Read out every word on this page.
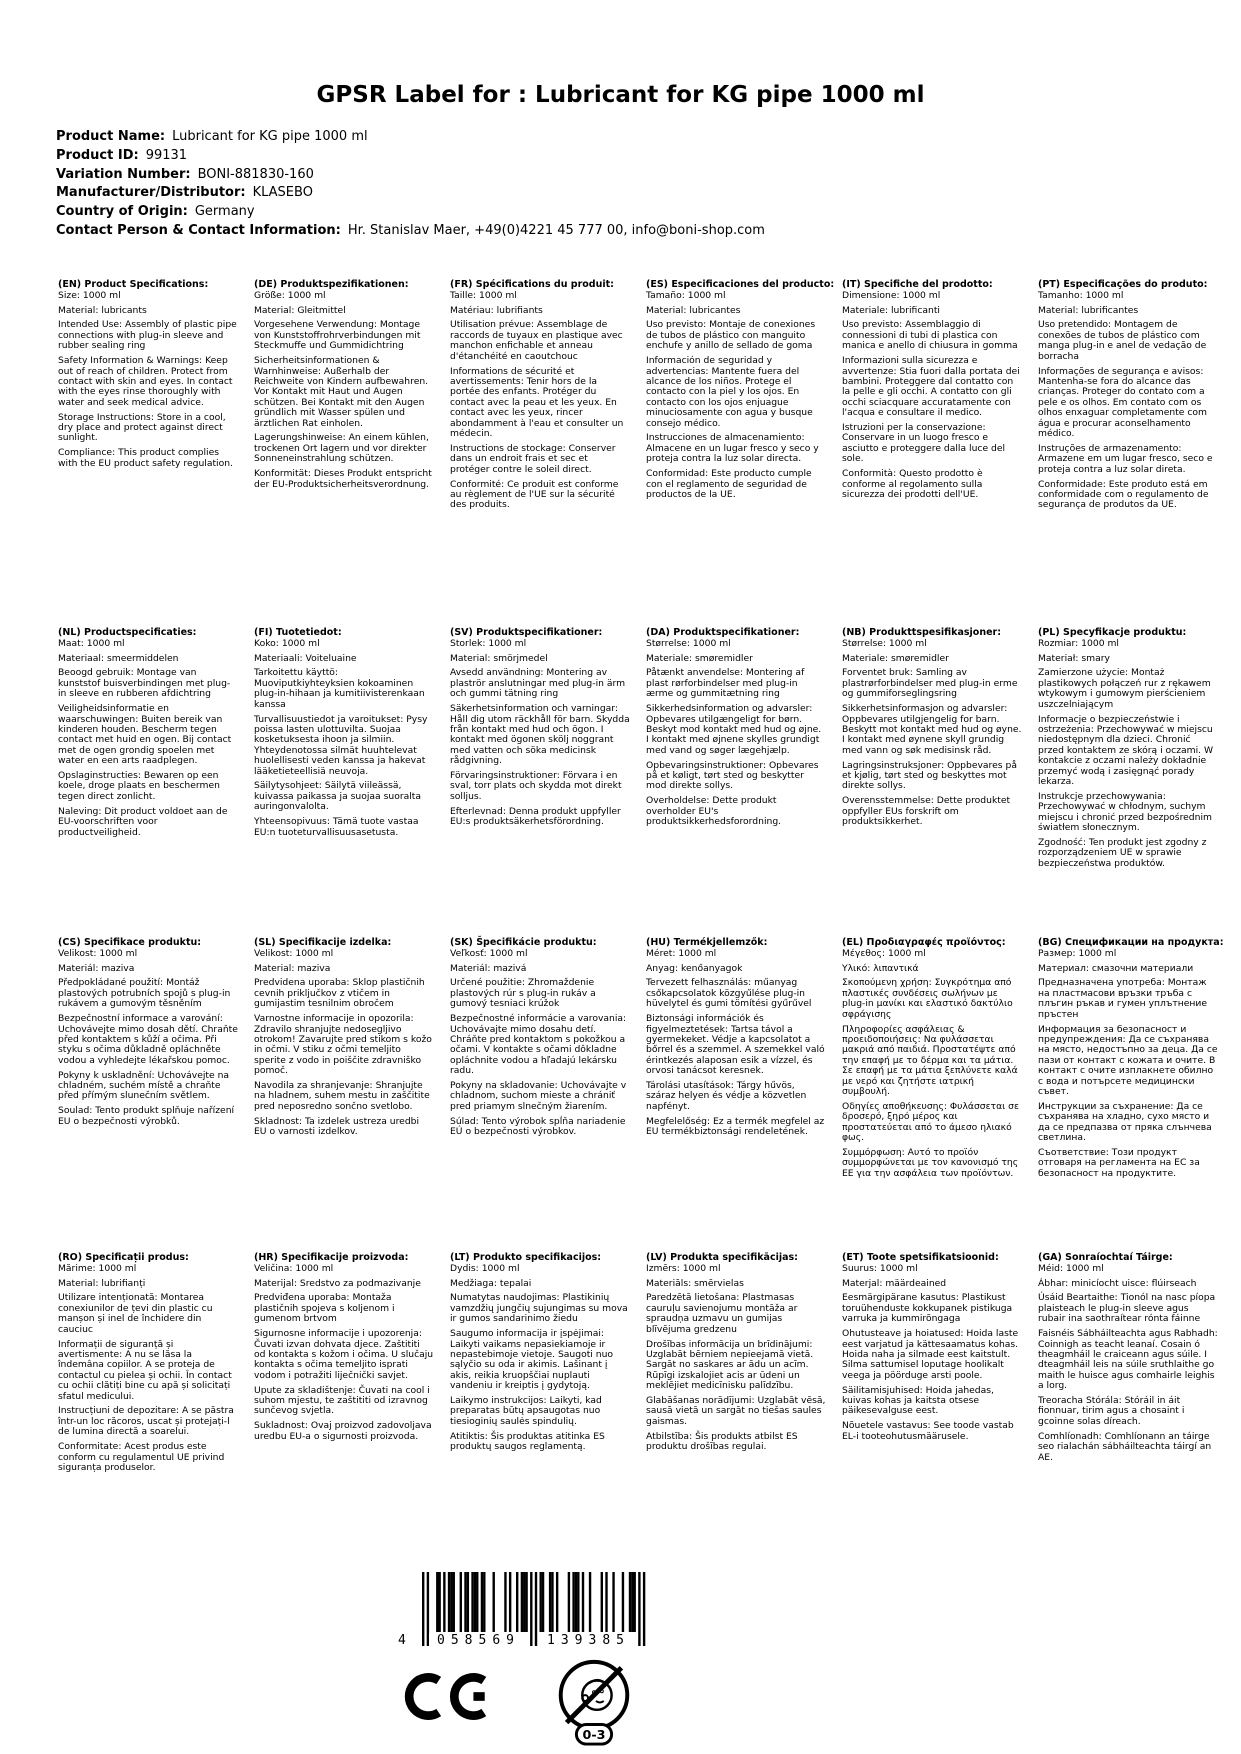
GPSR Label for : Lubricant for KG pipe 1000 ml
Product Name: Lubricant for KG pipe 1000 ml
Product ID: 99131
Variation Number: BONI-881830-160
Manufacturer/Distributor: KLASEBO
Country of Origin: Germany
Contact Person & Contact Information: Hr. Stanislav Maer, +49(0)4221 45 777 00, info@boni-shop.com
(EN) Product Specifications:
Size: 1000 ml
Material: lubricants
Intended Use: Assembly of plastic pipe connections with plug-in sleeve and rubber sealing ring
Safety Information & Warnings: Keep out of reach of children. Protect from contact with skin and eyes. In contact with the eyes rinse thoroughly with water and seek medical advice.
Storage Instructions: Store in a cool, dry place and protect against direct sunlight.
Compliance: This product complies with the EU product safety regulation.
(DE) Produktspezifikationen:
Größe: 1000 ml
Material: Gleitmittel
Vorgesehene Verwendung: Montage von Kunststoffrohrverbindungen mit Steckmuffe und Gummidichtring
Sicherheitsinformationen & Warnhinweise: Außerhalb der Reichweite von Kindern aufbewahren. Vor Kontakt mit Haut und Augen schützen. Bei Kontakt mit den Augen gründlich mit Wasser spülen und ärztlichen Rat einholen.
Lagerungshinweise: An einem kühlen, trockenen Ort lagern und vor direkter Sonneneinstrahlung schützen.
Konformität: Dieses Produkt entspricht der EU-Produktsicherheitsverordnung.
(FR) Spécifications du produit:
Taille: 1000 ml
Matériau: lubrifiants
Utilisation prévue: Assemblage de raccords de tuyaux en plastique avec manchon enfichable et anneau d'étanchéité en caoutchouc
Informations de sécurité et avertissements: Tenir hors de la portée des enfants. Protéger du contact avec la peau et les yeux. En contact avec les yeux, rincer abondamment à l'eau et consulter un médecin.
Instructions de stockage: Conserver dans un endroit frais et sec et protéger contre le soleil direct.
Conformité: Ce produit est conforme au règlement de l'UE sur la sécurité des produits.
(ES) Especificaciones del producto:
Tamaño: 1000 ml
Material: lubricantes
Uso previsto: Montaje de conexiones de tubos de plástico con manguito enchufe y anillo de sellado de goma
Información de seguridad y advertencias: Mantente fuera del alcance de los niños. Protege el contacto con la piel y los ojos. En contacto con los ojos enjuague minuciosamente con agua y busque consejo médico.
Instrucciones de almacenamiento: Almacene en un lugar fresco y seco y proteja contra la luz solar directa.
Conformidad: Este producto cumple con el reglamento de seguridad de productos de la UE.
(IT) Specifiche del prodotto:
Dimensione: 1000 ml
Materiale: lubrificanti
Uso previsto: Assemblaggio di connessioni di tubi di plastica con manica e anello di chiusura in gomma
Informazioni sulla sicurezza e avvertenze: Stia fuori dalla portata dei bambini. Proteggere dal contatto con la pelle e gli occhi. A contatto con gli occhi sciacquare accuratamente con l'acqua e consultare il medico.
Istruzioni per la conservazione: Conservare in un luogo fresco e asciutto e proteggere dalla luce del sole.
Conformità: Questo prodotto è conforme al regolamento sulla sicurezza dei prodotti dell'UE.
(PT) Especificações do produto:
Tamanho: 1000 ml
Material: lubrificantes
Uso pretendido: Montagem de conexões de tubos de plástico com manga plug-in e anel de vedação de borracha
Informações de segurança e avisos: Mantenha-se fora do alcance das crianças. Proteger do contato com a pele e os olhos. Em contato com os olhos enxaguar completamente com água e procurar aconselhamento médico.
Instruções de armazenamento: Armazene em um lugar fresco, seco e proteja contra a luz solar direta.
Conformidade: Este produto está em conformidade com o regulamento de segurança de produtos da UE.
(NL) Productspecificaties:
Maat: 1000 ml
Materiaal: smeermiddelen
Beoogd gebruik: Montage van kunststof buisverbindingen met plug-in sleeve en rubberen afdichtring
Veiligheidsinformatie en waarschuwingen: Buiten bereik van kinderen houden. Bescherm tegen contact met huid en ogen. Bij contact met de ogen grondig spoelen met water en een arts raadplegen.
Opslaginstructies: Bewaren op een koele, droge plaats en beschermen tegen direct zonlicht.
Naleving: Dit product voldoet aan de EU-voorschriften voor productveiligheid.
(FI) Tuotetiedot:
Koko: 1000 ml
Materiaali: Voiteluaine
Tarkoitettu käyttö: Muoviputkiyhteyksien kokoaminen plug-in-hihaan ja kumitiivisterenkaan kanssa
Turvallisuustiedot ja varoitukset: Pysy poissa lasten ulottuvilta. Suojaa kosketuksesta ihoon ja silmiin. Yhteydenotossa silmät huuhtelevat huolellisesti veden kanssa ja hakevat lääketieteellisiä neuvoja.
Säilytysohjeet: Säilytä viileässä, kuivassa paikassa ja suojaa suoralta auringonvalolta.
Yhteensopivuus: Tämä tuote vastaa EU:n tuoteturvallisuusasetusta.
(SV) Produktspecifikationer:
Storlek: 1000 ml
Material: smörjmedel
Avsedd användning: Montering av plaströr anslutningar med plug-in ärm och gummi tätning ring
Säkerhetsinformation och varningar: Håll dig utom räckhåll för barn. Skydda från kontakt med hud och ögon. I kontakt med ögonen skölj noggrant med vatten och söka medicinsk rådgivning.
Förvaringsinstruktioner: Förvara i en sval, torr plats och skydda mot direkt solljus.
Efterlevnad: Denna produkt uppfyller EU:s produktsäkerhetsförordning.
(DA) Produktspecifikationer:
Størrelse: 1000 ml
Materiale: smøremidler
Påtænkt anvendelse: Montering af plast rørforbindelser med plug-in ærme og gummitætning ring
Sikkerhedsinformation og advarsler: Opbevares utilgængeligt for børn. Beskyt mod kontakt med hud og øjne. I kontakt med øjnene skylles grundigt med vand og søger lægehjælp.
Opbevaringsinstruktioner: Opbevares på et køligt, tørt sted og beskytter mod direkte sollys.
Overholdelse: Dette produkt overholder EU's produktsikkerhedsforordning.
(NB) Produkttspesifikasjoner:
Størrelse: 1000 ml
Materiale: smøremidler
Forventet bruk: Samling av plastrørforbindelser med plug-in erme og gummiforseglingsring
Sikkerhetsinformasjon og advarsler: Oppbevares utilgjengelig for barn. Beskytt mot kontakt med hud og øyne. I kontakt med øynene skyll grundig med vann og søk medisinsk råd.
Lagringsinstruksjoner: Oppbevares på et kjølig, tørt sted og beskyttes mot direkte sollys.
Overensstemmelse: Dette produktet oppfyller EUs forskrift om produktsikkerhet.
(PL) Specyfikacje produktu:
Rozmiar: 1000 ml
Materiał: smary
Zamierzone użycie: Montaż plastikowych połączeń rur z rękawem wtykowym i gumowym pierścieniem uszczelniającym
Informacje o bezpieczeństwie i ostrzeżenia: Przechowywać w miejscu niedostępnym dla dzieci. Chronić przed kontaktem ze skórą i oczami. W kontakcie z oczami należy dokładnie przemyć wodą i zasięgnąć porady lekarza.
Instrukcje przechowywania: Przechowywać w chłodnym, suchym miejscu i chronić przed bezpośrednim światłem słonecznym.
Zgodność: Ten produkt jest zgodny z rozporządzeniem UE w sprawie bezpieczeństwa produktów.
(CS) Specifikace produktu:
Velikost: 1000 ml
Materiál: maziva
Předpokládané použití: Montáž plastových potrubních spojů s plug-in rukávem a gumovým těsněním
Bezpečnostní informace a varování: Uchovávejte mimo dosah dětí. Chraňte před kontaktem s kůží a očima. Při styku s očima důkladně opláchněte vodou a vyhledejte lékařskou pomoc.
Pokyny k uskladnění: Uchovávejte na chladném, suchém místě a chraňte před přímým slunečním světlem.
Soulad: Tento produkt splňuje nařízení EU o bezpečnosti výrobků.
(SL) Specifikacije izdelka:
Velikost: 1000 ml
Material: maziva
Predvidena uporaba: Sklop plastičnih cevnih priključkov z vtičem in gumijastim tesnilnim obročem
Varnostne informacije in opozorila: Zdravilo shranjujte nedosegljivo otrokom! Zavarujte pred stikom s kožo in očmi. V stiku z očmi temeljito sperite z vodo in poiščite zdravniško pomoč.
Navodila za shranjevanje: Shranjujte na hladnem, suhem mestu in zaščitite pred neposredno sončno svetlobo.
Skladnost: Ta izdelek ustreza uredbi EU o varnosti izdelkov.
(SK) Špecifikácie produktu:
Veľkosť: 1000 ml
Materiál: mazivá
Určené použitie: Zhromaždenie plastových rúr s plug-in rukáv a gumový tesniaci krúžok
Bezpečnostné informácie a varovania: Uchovávajte mimo dosahu detí. Chráňte pred kontaktom s pokožkou a očami. V kontakte s očami dôkladne opláchnite vodou a hľadajú lekársku radu.
Pokyny na skladovanie: Uchovávajte v chladnom, suchom mieste a chrániť pred priamym slnečným žiarením.
Súlad: Tento výrobok spĺňa nariadenie EÚ o bezpečnosti výrobkov.
(HU) Termékjellemzők:
Méret: 1000 ml
Anyag: kenőanyagok
Tervezett felhasználás: műanyag csőkapcsolatok közgyűlése plug-in hüvelytel és gumi tömítési gyűrűvel
Biztonsági információk és figyelmeztetések: Tartsa távol a gyermekeket. Védje a kapcsolatot a bőrrel és a szemmel. A szemekkel való érintkezés alaposan esik a vízzel, és orvosi tanácsot keresnek.
Tárolási utasítások: Tárgy hűvös, száraz helyen és védje a közvetlen napfényt.
Megfelelőség: Ez a termék megfelel az EU termékbiztonsági rendeletének.
(EL) Προδιαγραφές προϊόντος:
Μέγεθος: 1000 ml
Υλικό: λιπαντικά
Σκοπούμενη χρήση: Συγκρότημα από πλαστικές συνδέσεις σωλήνων με plug-in μανίκι και ελαστικό δακτύλιο σφράγισης
Πληροφορίες ασφάλειας & προειδοποιήσεις: Να φυλάσσεται μακριά από παιδιά. Προστατέψτε από την επαφή με το δέρμα και τα μάτια. Σε επαφή με τα μάτια ξεπλύνετε καλά με νερό και ζητήστε ιατρική συμβουλή.
Οδηγίες αποθήκευσης: Φυλάσσεται σε δροσερό, ξηρό μέρος και προστατεύεται από το άμεσο ηλιακό φως.
Συμμόρφωση: Αυτό το προϊόν συμμορφώνεται με τον κανονισμό της ΕΕ για την ασφάλεια των προϊόντων.
(BG) Спецификации на продукта:
Размер: 1000 ml
Материал: смазочни материали
Предназначена употреба: Монтаж на пластмасови връзки тръба с плъгин ръкав и гумен уплътнение пръстен
Информация за безопасност и предупреждения: Да се съхранява на място, недостъпно за деца. Да се пази от контакт с кожата и очите. В контакт с очите изплакнете обилно с вода и потърсете медицински съвет.
Инструкции за съхранение: Да се съхранява на хладно, сухо място и да се предпазва от пряка слънчева светлина.
Съответствие: Този продукт отговаря на регламента на ЕС за безопасност на продуктите.
(RO) Specificații produs:
Mărime: 1000 ml
Material: lubrifianți
Utilizare intenționată: Montarea conexiunilor de țevi din plastic cu manșon și inel de închidere din cauciuc
Informații de siguranță și avertismente: A nu se lăsa la îndemâna copiilor. A se proteja de contactul cu pielea și ochii. În contact cu ochii clătiți bine cu apă și solicitați sfatul medicului.
Instrucțiuni de depozitare: A se păstra într-un loc răcoros, uscat și protejați-l de lumina directă a soarelui.
Conformitate: Acest produs este conform cu regulamentul UE privind siguranța produselor.
(HR) Specifikacije proizvoda:
Veličina: 1000 ml
Materijal: Sredstvo za podmazivanje
Predviđena uporaba: Montaža plastičnih spojeva s koljenom i gumenom brtvom
Sigurnosne informacije i upozorenja: Čuvati izvan dohvata djece. Zaštititi od kontakta s kožom i očima. U slučaju kontakta s očima temeljito isprati vodom i potražiti liječnički savjet.
Upute za skladištenje: Čuvati na cool i suhom mjestu, te zaštititi od izravnog sunčevog svjetla.
Sukladnost: Ovaj proizvod zadovoljava uredbu EU-a o sigurnosti proizvoda.
(LT) Produkto specifikacijos:
Dydis: 1000 ml
Medžiaga: tepalai
Numatytas naudojimas: Plastikinių vamzdžių jungčių sujungimas su mova ir gumos sandarinimo žiedu
Saugumo informacija ir įspėjimai: Laikyti vaikams nepasiekiamoje ir nepastebimoje vietoje. Saugoti nuo sąlyčio su oda ir akimis. Lašinant į akis, reikia kruopščiai nuplauti vandeniu ir kreiptis į gydytoją.
Laikymo instrukcijos: Laikyti, kad preparatas būtų apsaugotas nuo tiesioginių saulės spindulių.
Atitiktis: Šis produktas atitinka ES produktų saugos reglamentą.
(LV) Produkta specifikācijas:
Izmērs: 1000 ml
Materiāls: smērvielas
Paredzētā lietošana: Plastmasas cauruļu savienojumu montāža ar spraudņa uzmavu un gumijas blīvējuma gredzenu
Drošības informācija un brīdinājumi: Uzglabāt bērniem nepieejamā vietā. Sargāt no saskares ar ādu un acīm. Rūpīgi izskalojiet acis ar ūdeni un meklējiet medicīnisku palīdzību.
Glabāšanas norādījumi: Uzglabāt vēsā, sausā vietā un sargāt no tiešas saules gaismas.
Atbilstība: Šis produkts atbilst ES produktu drošības regulai.
(ET) Toote spetsifikatsioonid:
Suurus: 1000 ml
Materjal: määrdeained
Eesmärgipärane kasutus: Plastikust toruühenduste kokkupanek pistikuga varruka ja kummirõngaga
Ohutusteave ja hoiatused: Hoida laste eest varjatud ja kättesaamatus kohas. Hoida naha ja silmade eest kaitstult. Silma sattumisel loputage hoolikalt veega ja pöörduge arsti poole.
Säilitamisjuhised: Hoida jahedas, kuivas kohas ja kaitsta otsese päikesevalguse eest.
Nõuetele vastavus: See toode vastab EL-i tooteohutusmäärusele.
(GA) Sonraíochtaí Táirge:
Méid: 1000 ml
Ábhar: minicíocht uisce: flúirseach
Úsáid Beartaithe: Tionól na nasc píopa plaisteach le plug-in sleeve agus rubair ina saothraítear rónta fáinne
Faisnéis Sábháilteachta agus Rabhadh: Coinnigh as teacht leanaí. Cosain ó theagmháil le craiceann agus súile. I dteagmháil leis na súile sruthlaithe go maith le huisce agus comhairle leighis a lorg.
Treoracha Stórála: Stóráil in áit fionnuar, tirim agus a chosaint i gcoinne solas díreach.
Comhlíonadh: Comhlíonann an táirge seo rialachán sábháilteachta táirgí an AE.
4	058569	139385
0-3
